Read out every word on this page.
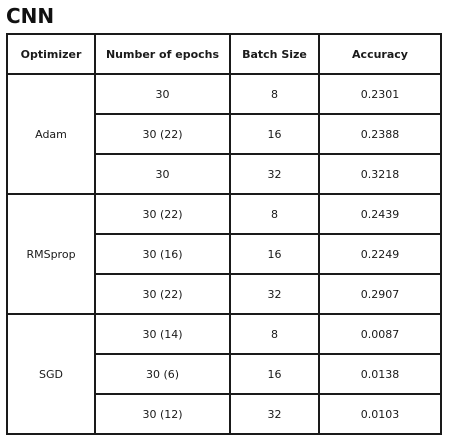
CNN
Optimizer	Number of epochs	Batch Size	Accuracy
Adam	30	8	0.2301
	30 (22)	16	0.2388
	30	32	0.3218
RMSprop	30 (22)	8	0.2439
	30 (16)	16	0.2249
	30 (22)	32	0.2907
SGD	30 (14)	8	0.0087
	30 (6)	16	0.0138
	30 (12)	32	0.0103
